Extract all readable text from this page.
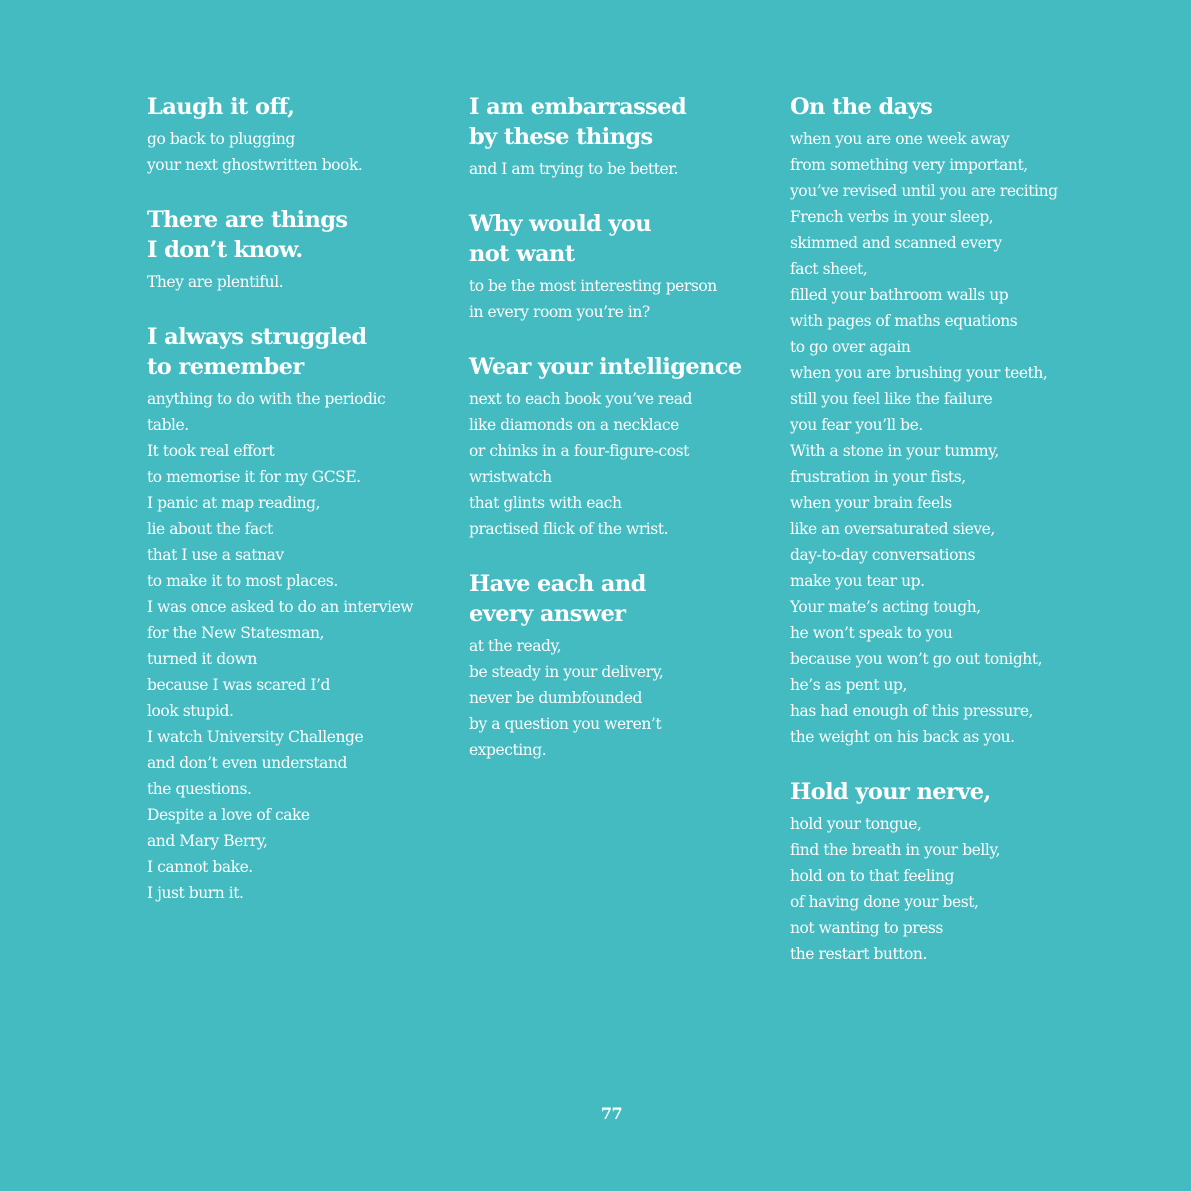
Laugh it off,
go back to plugging
your next ghostwritten book.
There are things
I don’t know.
They are plentiful.
I always struggled
to remember
anything to do with the periodic
table.
It took real effort
to memorise it for my GCSE.
I panic at map reading,
lie about the fact
that I use a satnav
to make it to most places.
I was once asked to do an interview
for the New Statesman,
turned it down
because I was scared I’d
look stupid.
I watch University Challenge
and don’t even understand
the questions.
Despite a love of cake
and Mary Berry,
I cannot bake.
I just burn it.
I am embarrassed
by these things
and I am trying to be better.
Why would you
not want
to be the most interesting person
in every room you’re in?
Wear your intelligence
next to each book you’ve read
like diamonds on a necklace
or chinks in a four-figure-cost
wristwatch
that glints with each
practised flick of the wrist.
Have each and
every answer
at the ready,
be steady in your delivery,
never be dumbfounded
by a question you weren’t
expecting.
On the days
when you are one week away
from something very important,
you’ve revised until you are reciting
French verbs in your sleep,
skimmed and scanned every
fact sheet,
filled your bathroom walls up
with pages of maths equations
to go over again
when you are brushing your teeth,
still you feel like the failure
you fear you’ll be.
With a stone in your tummy,
frustration in your fists,
when your brain feels
like an oversaturated sieve,
day-to-day conversations
make you tear up.
Your mate’s acting tough,
he won’t speak to you
because you won’t go out tonight,
he’s as pent up,
has had enough of this pressure,
the weight on his back as you.
Hold your nerve,
hold your tongue,
find the breath in your belly,
hold on to that feeling
of having done your best,
not wanting to press
the restart button.
77
